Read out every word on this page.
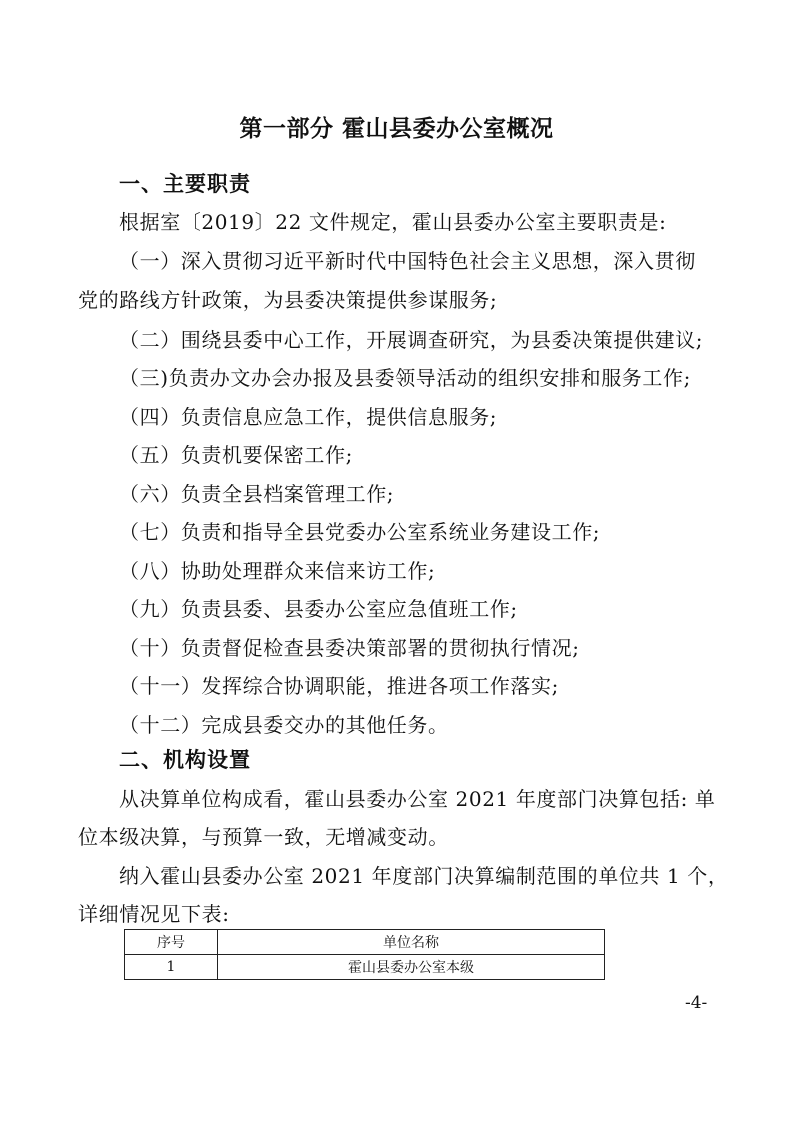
第一部分 霍山县委办公室概况
一、主要职责
根据室〔2019〕22 文件规定，霍山县委办公室主要职责是:
（一）深入贯彻习近平新时代中国特色社会主义思想，深入贯彻
党的路线方针政策，为县委决策提供参谋服务;
（二）围绕县委中心工作，开展调查研究，为县委决策提供建议;
（三)负责办文办会办报及县委领导活动的组织安排和服务工作;
（四）负责信息应急工作，提供信息服务;
（五）负责机要保密工作;
（六）负责全县档案管理工作;
（七）负责和指导全县党委办公室系统业务建设工作;
（八）协助处理群众来信来访工作;
（九）负责县委、县委办公室应急值班工作;
（十）负责督促检查县委决策部署的贯彻执行情况;
（十一）发挥综合协调职能，推进各项工作落实;
（十二）完成县委交办的其他任务。
二、机构设置
从决算单位构成看，霍山县委办公室 2021 年度部门决算包括: 单
位本级决算，与预算一致，无增减变动。
纳入霍山县委办公室 2021 年度部门决算编制范围的单位共 1 个，
详细情况见下表:
序号	单位名称
1	霍山县委办公室本级
-4-
